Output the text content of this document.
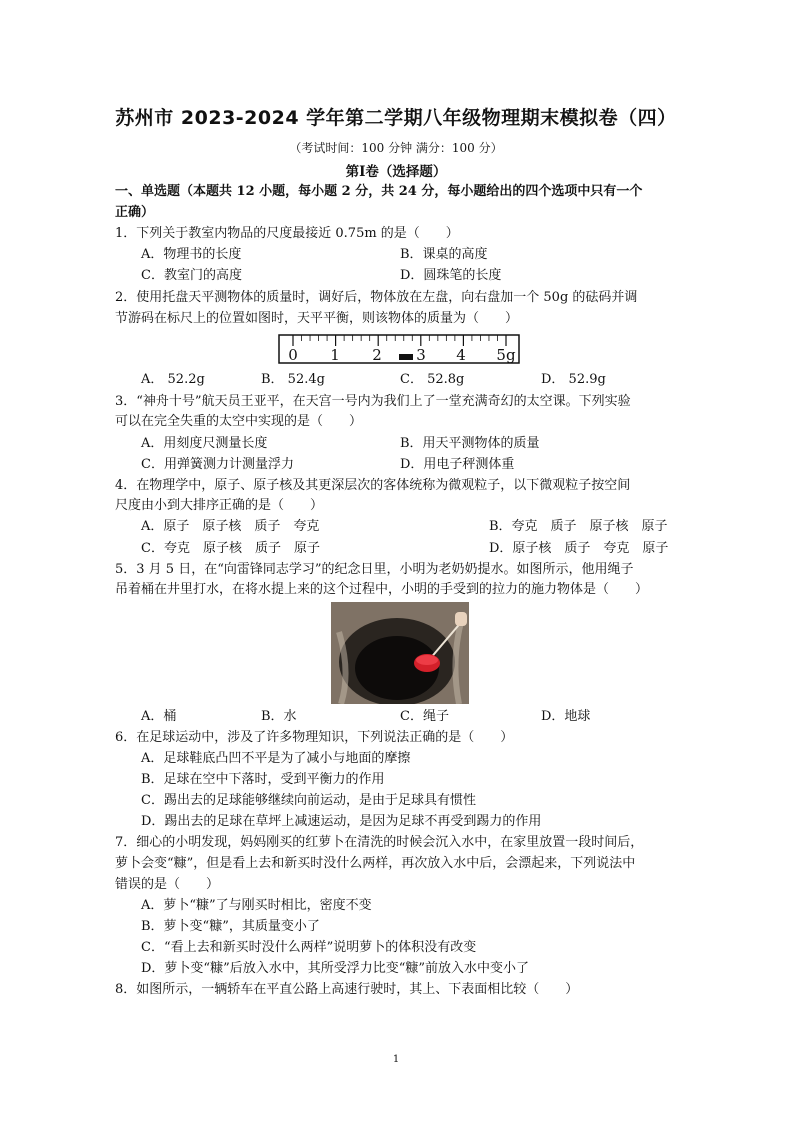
苏州市 2023-2024 学年第二学期八年级物理期末模拟卷（四）
（考试时间：100 分钟 满分：100 分）
第Ⅰ卷（选择题）
一、单选题（本题共 12 小题，每小题 2 分，共 24 分，每小题给出的四个选项中只有一个
正确）
1．下列关于教室内物品的尺度最接近 0.75m 的是（　　）
A．物理书的长度	B．课桌的高度
C．教室门的高度	D．圆珠笔的长度
2．使用托盘天平测物体的质量时，调好后，物体放在左盘，向右盘加一个 50g 的砝码并调
节游码在标尺上的位置如图时，天平平衡，则该物体的质量为（　　）
0 1 2 3 4 5g
A． 52.2g	B． 52.4g	C． 52.8g	D． 52.9g
3．“神舟十号”航天员王亚平，在天宫一号内为我们上了一堂充满奇幻的太空课。下列实验
可以在完全失重的太空中实现的是（　　）
A．用刻度尺测量长度	B．用天平测物体的质量
C．用弹簧测力计测量浮力	D．用电子秤测体重
4．在物理学中，原子、原子核及其更深层次的客体统称为微观粒子，以下微观粒子按空间
尺度由小到大排序正确的是（　　）
A．原子　原子核　质子　夸克	B．夸克　质子　原子核　原子
C．夸克　原子核　质子　原子	D．原子核　质子　夸克　原子
5．3 月 5 日，在“向雷锋同志学习”的纪念日里，小明为老奶奶提水。如图所示，他用绳子
吊着桶在井里打水，在将水提上来的这个过程中，小明的手受到的拉力的施力物体是（　　）
A．桶	B．水	C．绳子	D．地球
6．在足球运动中，涉及了许多物理知识，下列说法正确的是（　　）
A．足球鞋底凸凹不平是为了减小与地面的摩擦
B．足球在空中下落时，受到平衡力的作用
C．踢出去的足球能够继续向前运动，是由于足球具有惯性
D．踢出去的足球在草坪上减速运动，是因为足球不再受到踢力的作用
7．细心的小明发现，妈妈刚买的红萝卜在清洗的时候会沉入水中，在家里放置一段时间后，
萝卜会变“糠”，但是看上去和新买时没什么两样，再次放入水中后，会漂起来，下列说法中
错误的是（　　）
A．萝卜“糠”了与刚买时相比，密度不变
B．萝卜变“糠”，其质量变小了
C．“看上去和新买时没什么两样”说明萝卜的体积没有改变
D．萝卜变“糠”后放入水中，其所受浮力比变“糠”前放入水中变小了
8．如图所示，一辆轿车在平直公路上高速行驶时，其上、下表面相比较（　　）
1
